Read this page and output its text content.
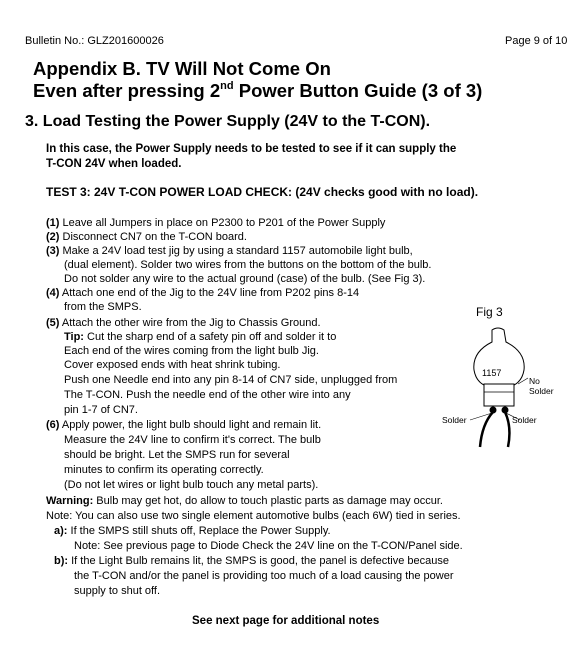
Bulletin No.: GLZ201600026	Page 9 of 10
Appendix B. TV Will Not Come On
Even after pressing 2nd Power Button Guide (3 of 3)
3. Load Testing the Power Supply (24V to the T-CON).
In this case, the Power Supply needs to be tested to see if it can supply the
T-CON 24V when loaded.
TEST 3: 24V T-CON POWER LOAD CHECK: (24V checks good with no load).
(1) Leave all Jumpers in place on P2300 to P201 of the Power Supply
(2) Disconnect CN7 on the T-CON board.
(3) Make a 24V load test jig by using a standard 1157 automobile light bulb,
(dual element). Solder two wires from the buttons on the bottom of the bulb.
Do not solder any wire to the actual ground (case) of the bulb. (See Fig 3).
(4) Attach one end of the Jig to the 24V line from P202 pins 8-14
from the SMPS.
(5) Attach the other wire from the Jig to Chassis Ground.
Tip: Cut the sharp end of a safety pin off and solder it to
Each end of the wires coming from the light bulb Jig.
Cover exposed ends with heat shrink tubing.
Push one Needle end into any pin 8-14 of CN7 side, unplugged from
The T-CON. Push the needle end of the other wire into any
pin 1-7 of CN7.
(6) Apply power, the light bulb should light and remain lit.
Measure the 24V line to confirm it's correct. The bulb
should be bright. Let the SMPS run for several
minutes to confirm its operating correctly.
(Do not let wires or light bulb touch any metal parts).
Warning: Bulb may get hot, do allow to touch plastic parts as damage may occur.
Note: You can also use two single element automotive bulbs (each 6W) tied in series.
a): If the SMPS still shuts off, Replace the Power Supply.
Note: See previous page to Diode Check the 24V line on the T-CON/Panel side.
b): If the Light Bulb remains lit, the SMPS is good, the panel is defective because
the T-CON and/or the panel is providing too much of a load causing the power
supply to shut off.
See next page for additional notes
Fig 3
1157
No
Solder
Solder	Solder
